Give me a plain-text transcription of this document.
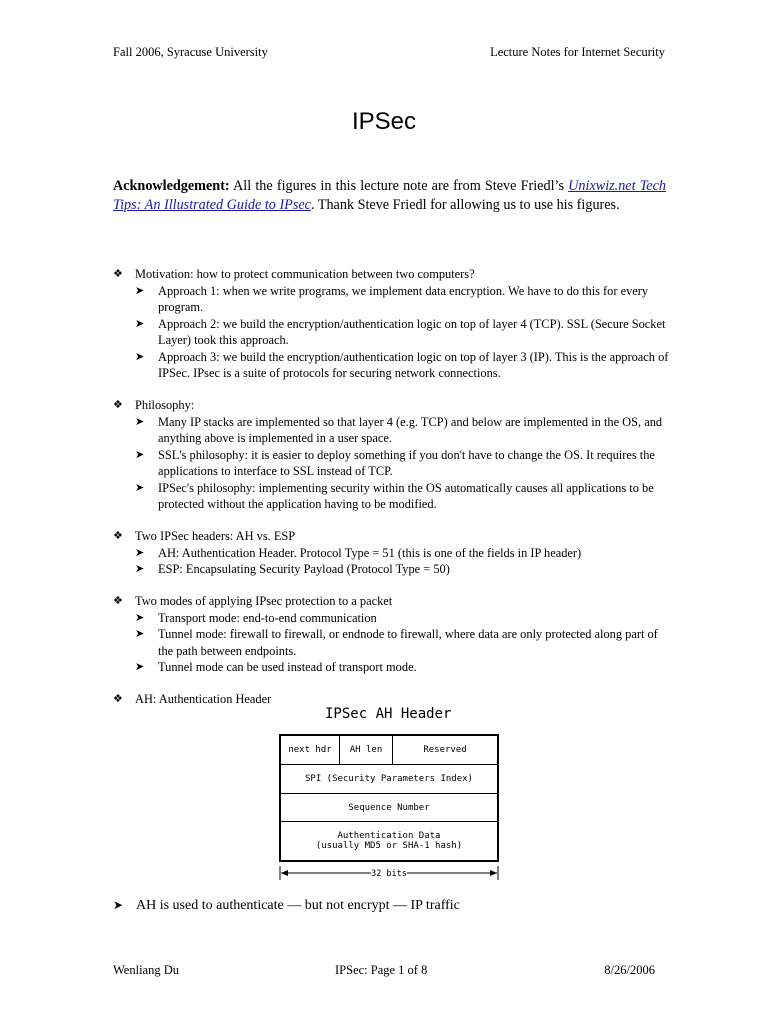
Fall 2006, Syracuse University	Lecture Notes for Internet Security
IPSec
Acknowledgement: All the figures in this lecture note are from Steve Friedl’s Unixwiz.net Tech Tips: An Illustrated Guide to IPsec. Thank Steve Friedl for allowing us to use his figures.
❖ Motivation: how to protect communication between two computers?
➤ Approach 1: when we write programs, we implement data encryption. We have to do this for every program.
➤ Approach 2: we build the encryption/authentication logic on top of layer 4 (TCP). SSL (Secure Socket Layer) took this approach.
➤ Approach 3: we build the encryption/authentication logic on top of layer 3 (IP). This is the approach of IPSec. IPsec is a suite of protocols for securing network connections.
❖ Philosophy:
➤ Many IP stacks are implemented so that layer 4 (e.g. TCP) and below are implemented in the OS, and anything above is implemented in a user space.
➤ SSL's philosophy: it is easier to deploy something if you don't have to change the OS. It requires the applications to interface to SSL instead of TCP.
➤ IPSec's philosophy: implementing security within the OS automatically causes all applications to be protected without the application having to be modified.
❖ Two IPSec headers: AH vs. ESP
➤ AH: Authentication Header. Protocol Type = 51 (this is one of the fields in IP header)
➤ ESP: Encapsulating Security Payload (Protocol Type = 50)
❖ Two modes of applying IPsec protection to a packet
➤ Transport mode: end-to-end communication
➤ Tunnel mode: firewall to firewall, or endnode to firewall, where data are only protected along part of the path between endpoints.
➤ Tunnel mode can be used instead of transport mode.
❖ AH: Authentication Header
IPSec AH Header
next hdr	AH len	Reserved
SPI (Security Parameters Index)
Sequence Number
Authentication Data
(usually MD5 or SHA-1 hash)
32 bits
➤ AH is used to authenticate — but not encrypt — IP traffic
Wenliang Du	IPSec: Page 1 of 8	8/26/2006
